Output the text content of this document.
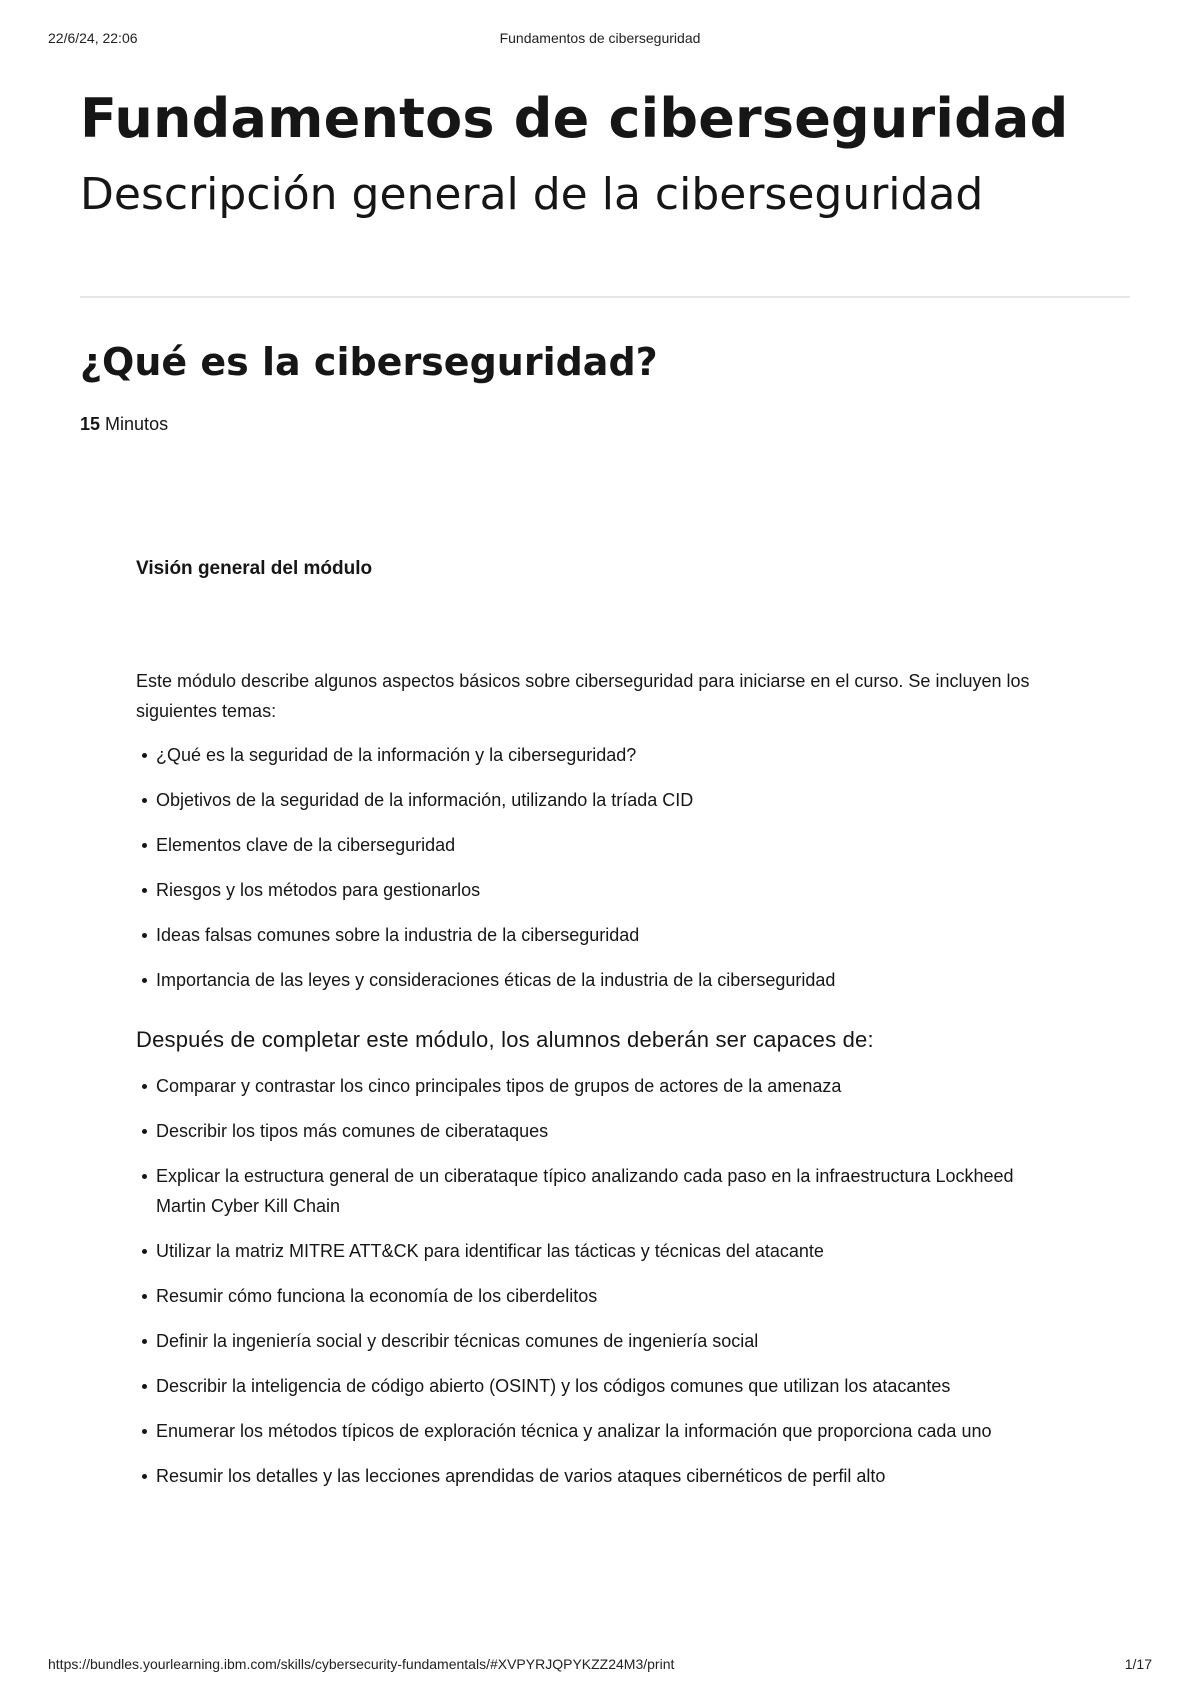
22/6/24, 22:06	Fundamentos de ciberseguridad
Fundamentos de ciberseguridad
Descripción general de la ciberseguridad
¿Qué es la ciberseguridad?
15 Minutos

Visión general del módulo

Este módulo describe algunos aspectos básicos sobre ciberseguridad para iniciarse en el curso. Se incluyen los siguientes temas:

¿Qué es la seguridad de la información y la ciberseguridad?
Objetivos de la seguridad de la información, utilizando la tríada CID
Elementos clave de la ciberseguridad
Riesgos y los métodos para gestionarlos
Ideas falsas comunes sobre la industria de la ciberseguridad
Importancia de las leyes y consideraciones éticas de la industria de la ciberseguridad

Después de completar este módulo, los alumnos deberán ser capaces de:

Comparar y contrastar los cinco principales tipos de grupos de actores de la amenaza
Describir los tipos más comunes de ciberataques
Explicar la estructura general de un ciberataque típico analizando cada paso en la infraestructura Lockheed Martin Cyber Kill Chain
Utilizar la matriz MITRE ATT&CK para identificar las tácticas y técnicas del atacante
Resumir cómo funciona la economía de los ciberdelitos
Definir la ingeniería social y describir técnicas comunes de ingeniería social
Describir la inteligencia de código abierto (OSINT) y los códigos comunes que utilizan los atacantes
Enumerar los métodos típicos de exploración técnica y analizar la información que proporciona cada uno
Resumir los detalles y las lecciones aprendidas de varios ataques cibernéticos de perfil alto
https://bundles.yourlearning.ibm.com/skills/cybersecurity-fundamentals/#XVPYRJQPYKZZ24M3/print	1/17
